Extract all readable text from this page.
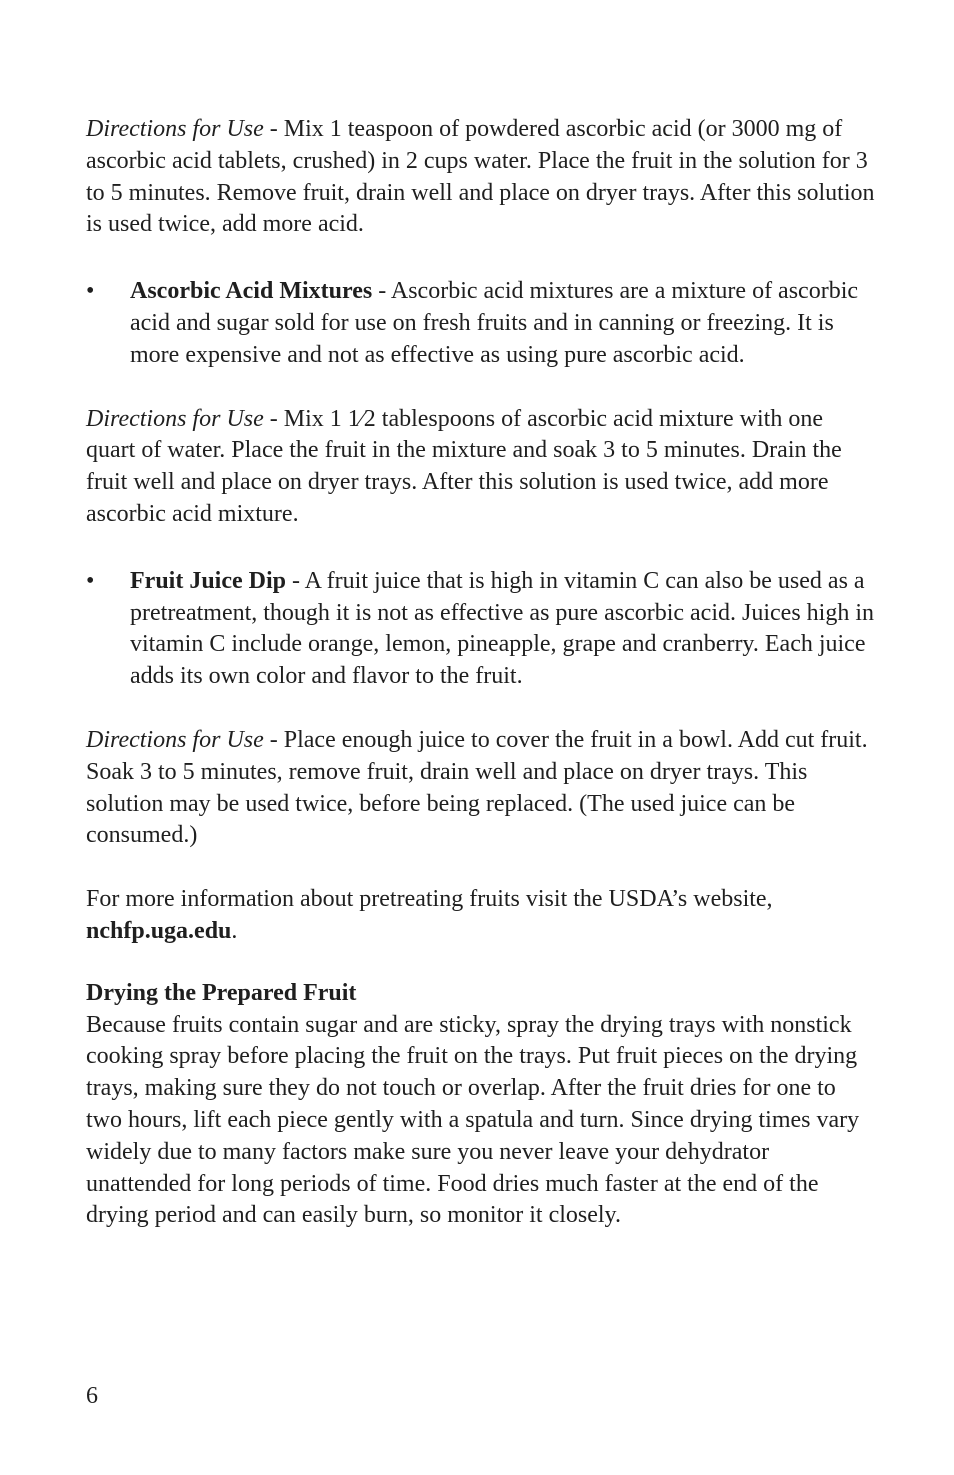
Directions for Use - Mix 1 teaspoon of powdered ascorbic acid (or 3000 mg of ascorbic acid tablets, crushed) in 2 cups water. Place the fruit in the solution for 3 to 5 minutes. Remove fruit, drain well and place on dryer trays. After this solution is used twice, add more acid.

•	Ascorbic Acid Mixtures - Ascorbic acid mixtures are a mixture of ascorbic acid and sugar sold for use on fresh fruits and in canning or freezing. It is more expensive and not as effective as using pure ascorbic acid.

Directions for Use - Mix 1 1⁄2 tablespoons of ascorbic acid mixture with one quart of water. Place the fruit in the mixture and soak 3 to 5 minutes. Drain the fruit well and place on dryer trays. After this solution is used twice, add more ascorbic acid mixture.

•	Fruit Juice Dip - A fruit juice that is high in vitamin C can also be used as a pretreatment, though it is not as effective as pure ascorbic acid. Juices high in vitamin C include orange, lemon, pineapple, grape and cranberry. Each juice adds its own color and flavor to the fruit.

Directions for Use - Place enough juice to cover the fruit in a bowl. Add cut fruit. Soak 3 to 5 minutes, remove fruit, drain well and place on dryer trays. This solution may be used twice, before being replaced. (The used juice can be consumed.)

For more information about pretreating fruits visit the USDA’s website, nchfp.uga.edu.

Drying the Prepared Fruit

Because fruits contain sugar and are sticky, spray the drying trays with nonstick cooking spray before placing the fruit on the trays. Put fruit pieces on the drying trays, making sure they do not touch or overlap. After the fruit dries for one to two hours, lift each piece gently with a spatula and turn. Since drying times vary widely due to many factors make sure you never leave your dehydrator unattended for long periods of time. Food dries much faster at the end of the drying period and can easily burn, so monitor it closely.

6
